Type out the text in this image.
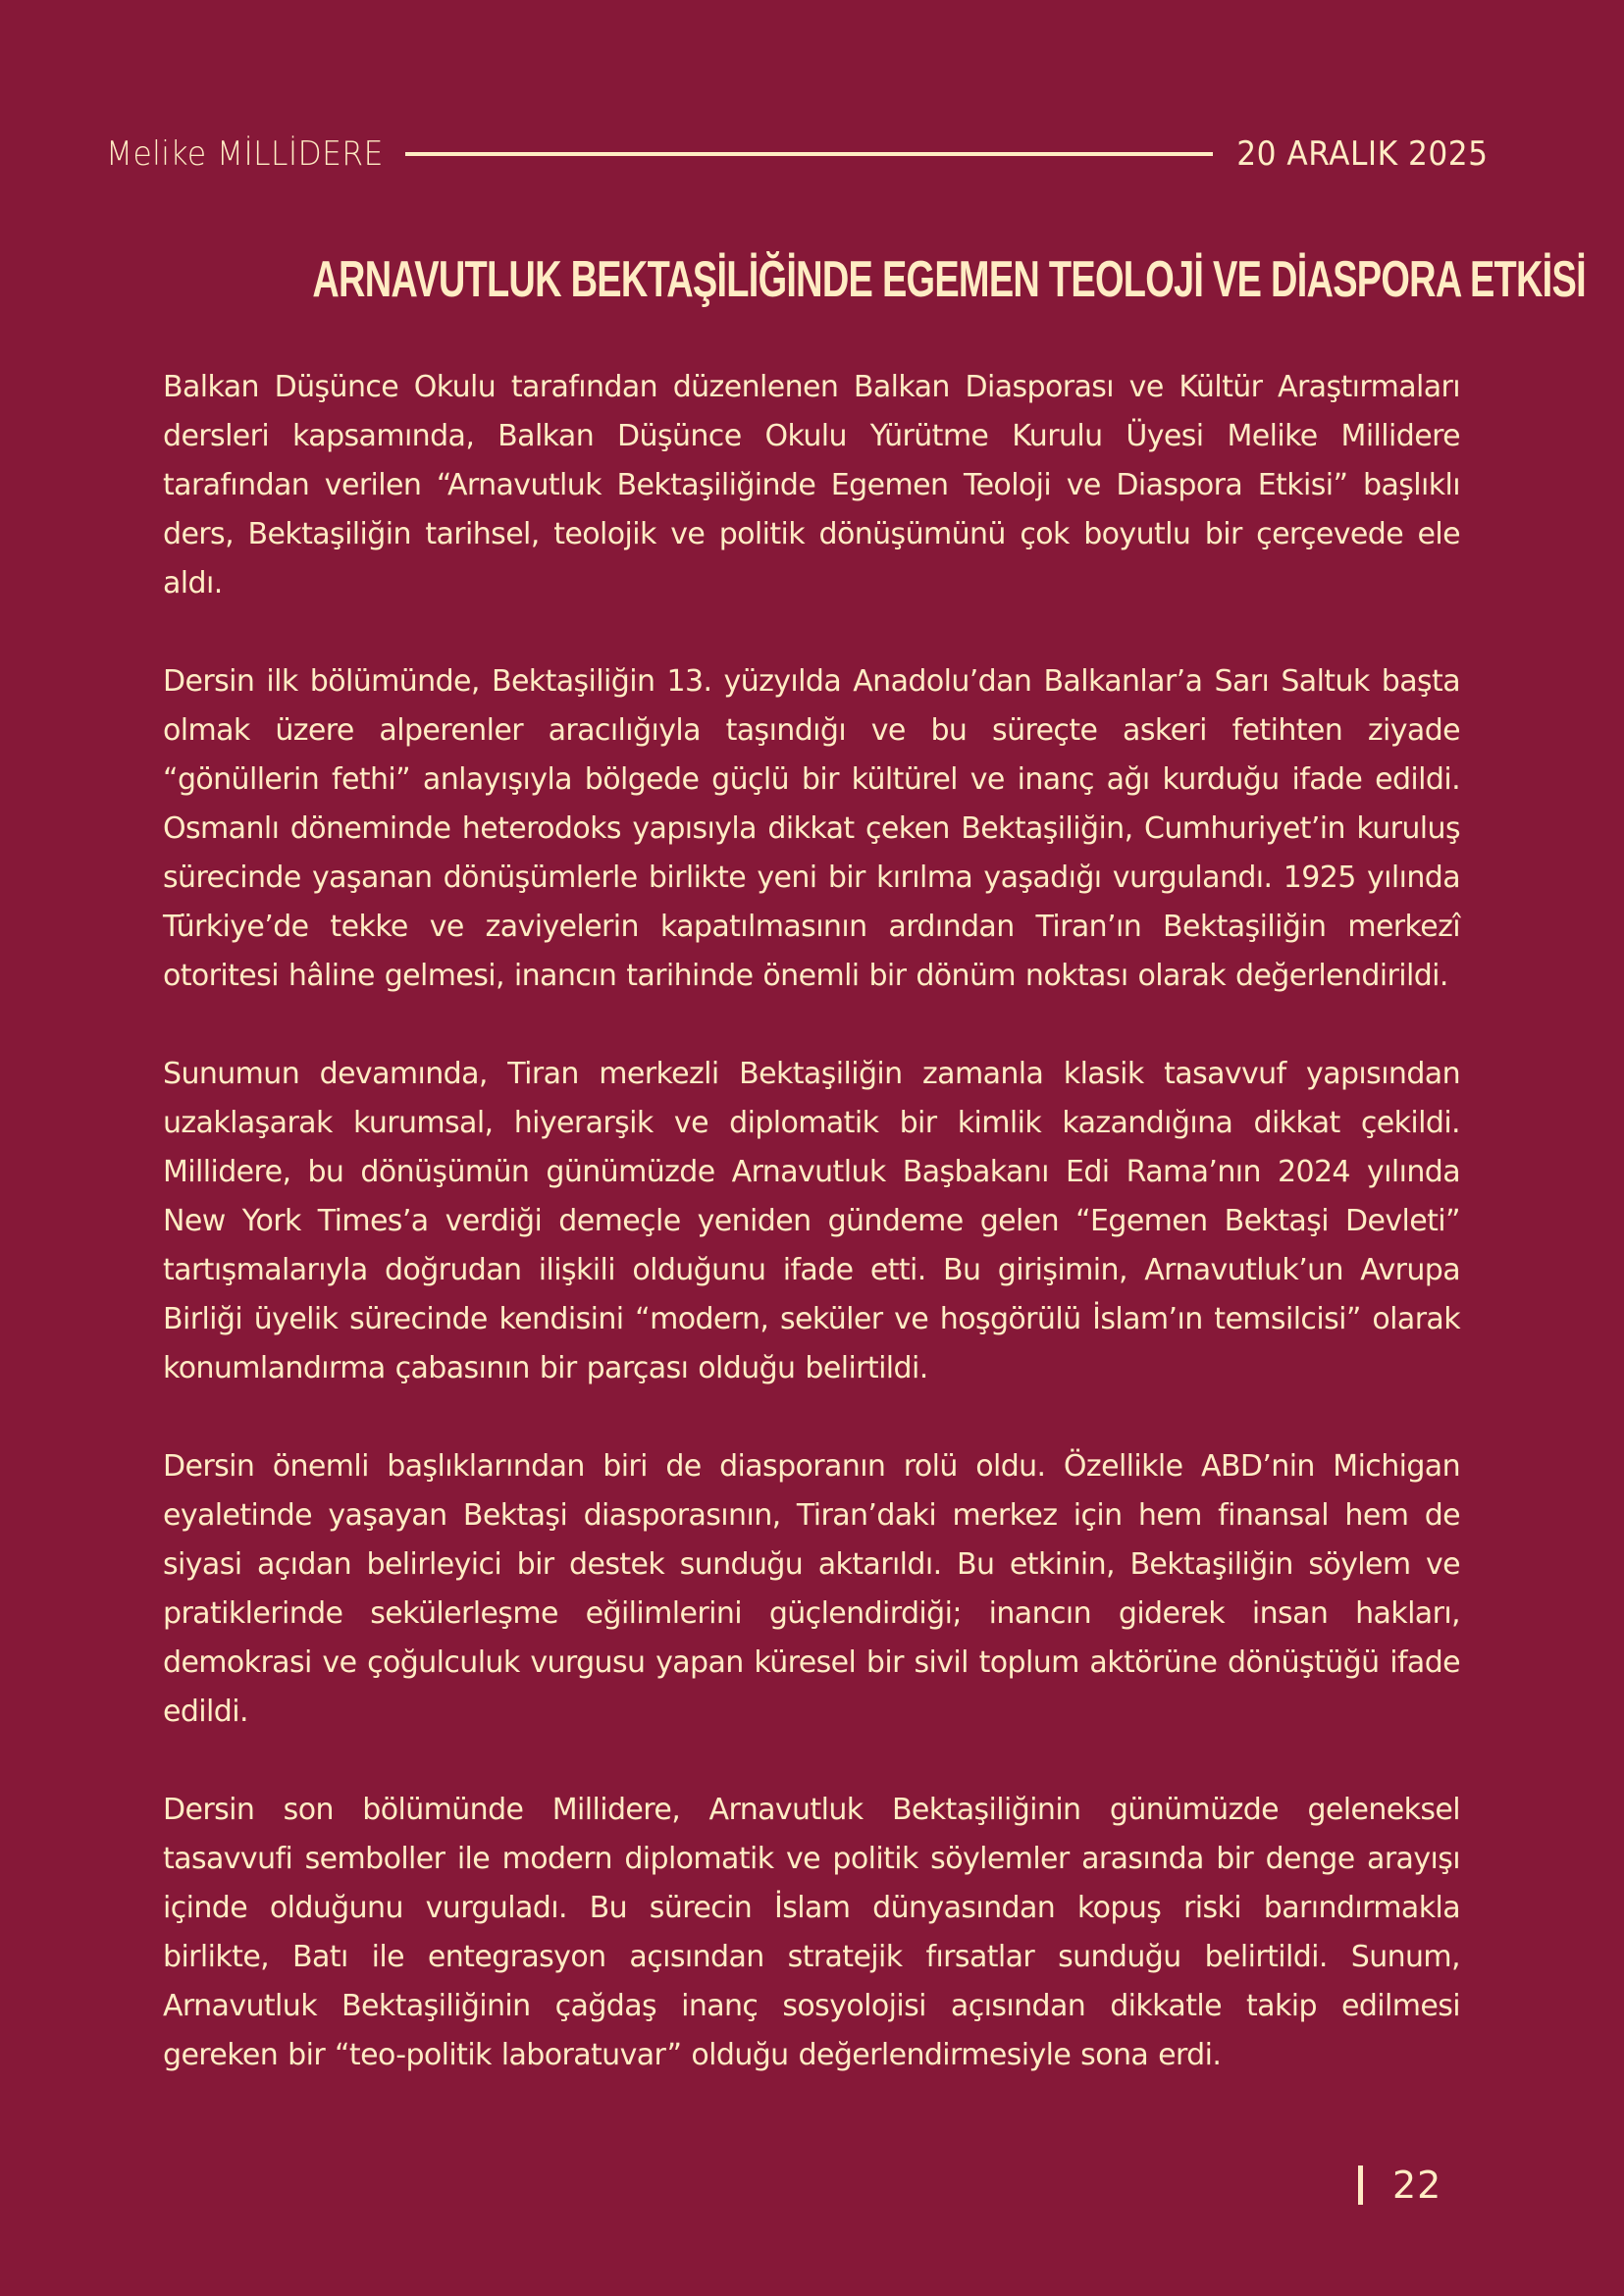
Melike MİLLİDERE	20 ARALIK 2025
ARNAVUTLUK BEKTAŞİLİĞİNDE EGEMEN TEOLOJİ VE DİASPORA ETKİSİ

Balkan Düşünce Okulu tarafından düzenlenen Balkan Diasporası ve Kültür Araştırmaları dersleri kapsamında, Balkan Düşünce Okulu Yürütme Kurulu Üyesi Melike Millidere tarafından verilen “Arnavutluk Bektaşiliğinde Egemen Teoloji ve Diaspora Etkisi” başlıklı ders, Bektaşiliğin tarihsel, teolojik ve politik dönüşümünü çok boyutlu bir çerçevede ele aldı.

Dersin ilk bölümünde, Bektaşiliğin 13. yüzyılda Anadolu’dan Balkanlar’a Sarı Saltuk başta olmak üzere alperenler aracılığıyla taşındığı ve bu süreçte askeri fetihten ziyade “gönüllerin fethi” anlayışıyla bölgede güçlü bir kültürel ve inanç ağı kurduğu ifade edildi. Osmanlı döneminde heterodoks yapısıyla dikkat çeken Bektaşiliğin, Cumhuriyet’in kuruluş sürecinde yaşanan dönüşümlerle birlikte yeni bir kırılma yaşadığı vurgulandı. 1925 yılında Türkiye’de tekke ve zaviyelerin kapatılmasının ardından Tiran’ın Bektaşiliğin merkezî otoritesi hâline gelmesi, inancın tarihinde önemli bir dönüm noktası olarak değerlendirildi.

Sunumun devamında, Tiran merkezli Bektaşiliğin zamanla klasik tasavvuf yapısından uzaklaşarak kurumsal, hiyerarşik ve diplomatik bir kimlik kazandığına dikkat çekildi. Millidere, bu dönüşümün günümüzde Arnavutluk Başbakanı Edi Rama’nın 2024 yılında New York Times’a verdiği demeçle yeniden gündeme gelen “Egemen Bektaşi Devleti” tartışmalarıyla doğrudan ilişkili olduğunu ifade etti. Bu girişimin, Arnavutluk’un Avrupa Birliği üyelik sürecinde kendisini “modern, seküler ve hoşgörülü İslam’ın temsilcisi” olarak konumlandırma çabasının bir parçası olduğu belirtildi.

Dersin önemli başlıklarından biri de diasporanın rolü oldu. Özellikle ABD’nin Michigan eyaletinde yaşayan Bektaşi diasporasının, Tiran’daki merkez için hem finansal hem de siyasi açıdan belirleyici bir destek sunduğu aktarıldı. Bu etkinin, Bektaşiliğin söylem ve pratiklerinde sekülerleşme eğilimlerini güçlendirdiği; inancın giderek insan hakları, demokrasi ve çoğulculuk vurgusu yapan küresel bir sivil toplum aktörüne dönüştüğü ifade edildi.

Dersin son bölümünde Millidere, Arnavutluk Bektaşiliğinin günümüzde geleneksel tasavvufi semboller ile modern diplomatik ve politik söylemler arasında bir denge arayışı içinde olduğunu vurguladı. Bu sürecin İslam dünyasından kopuş riski barındırmakla birlikte, Batı ile entegrasyon açısından stratejik fırsatlar sunduğu belirtildi. Sunum, Arnavutluk Bektaşiliğinin çağdaş inanç sosyolojisi açısından dikkatle takip edilmesi gereken bir “teo-politik laboratuvar” olduğu değerlendirmesiyle sona erdi.

22
